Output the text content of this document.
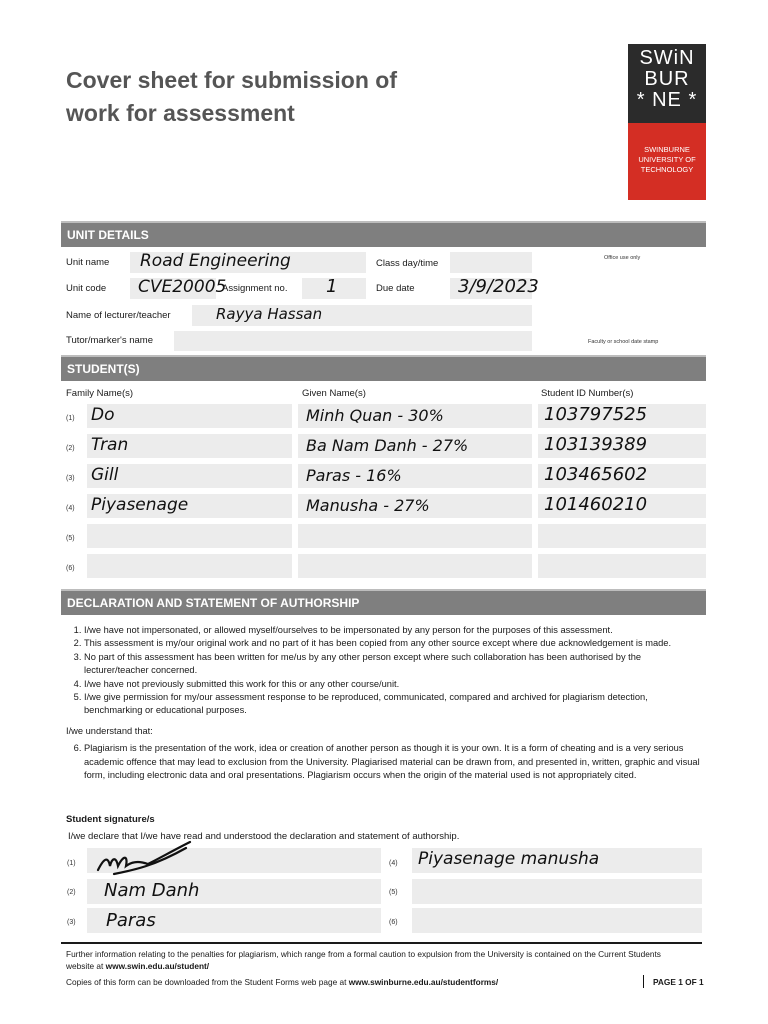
Cover sheet for submission of
work for assessment
SWiN
BUR
* NE *
SWINBURNE
UNIVERSITY OF
TECHNOLOGY
UNIT DETAILS
Unit name Road Engineering	Class day/time	Office use only
Unit code CVE20005
Assignment no. 1	Due date 3/9/2023
Name of lecturer/teacher	Rayya Hassan
Tutor/marker's name	Faculty or school date stamp
STUDENT(S)
Family Name(s)	Given Name(s)	Student ID Number(s)
(1) Do	Minh Quan - 30%	103797525
(2) Tran	Ba Nam Danh - 27%	103139389
(3) Gill	Paras - 16%	103465602
(4) Piyasenage	Manusha - 27%	101460210
(5)
(6)
DECLARATION AND STATEMENT OF AUTHORSHIP
1. I/we have not impersonated, or allowed myself/ourselves to be impersonated by any person for the purposes of this assessment.
2. This assessment is my/our original work and no part of it has been copied from any other source except where due acknowledgement is made.
3. No part of this assessment has been written for me/us by any other person except where such collaboration has been authorised by the lecturer/teacher concerned.
4. I/we have not previously submitted this work for this or any other course/unit.
5. I/we give permission for my/our assessment response to be reproduced, communicated, compared and archived for plagiarism detection, benchmarking or educational purposes.
I/we understand that:
6. Plagiarism is the presentation of the work, idea or creation of another person as though it is your own. It is a form of cheating and is a very serious academic offence that may lead to exclusion from the University. Plagiarised material can be drawn from, and presented in, written, graphic and visual form, including electronic data and oral presentations. Plagiarism occurs when the origin of the material used is not appropriately cited.
Student signature/s
I/we declare that I/we have read and understood the declaration and statement of authorship.
(1)
(2) Nam Danh
(3) Paras
(4) Piyasenage manusha
(5)
(6)
Further information relating to the penalties for plagiarism, which range from a formal caution to expulsion from the University is contained on the Current Students
website at www.swin.edu.au/student/
Copies of this form can be downloaded from the Student Forms web page at www.swinburne.edu.au/studentforms/	PAGE 1 OF 1
